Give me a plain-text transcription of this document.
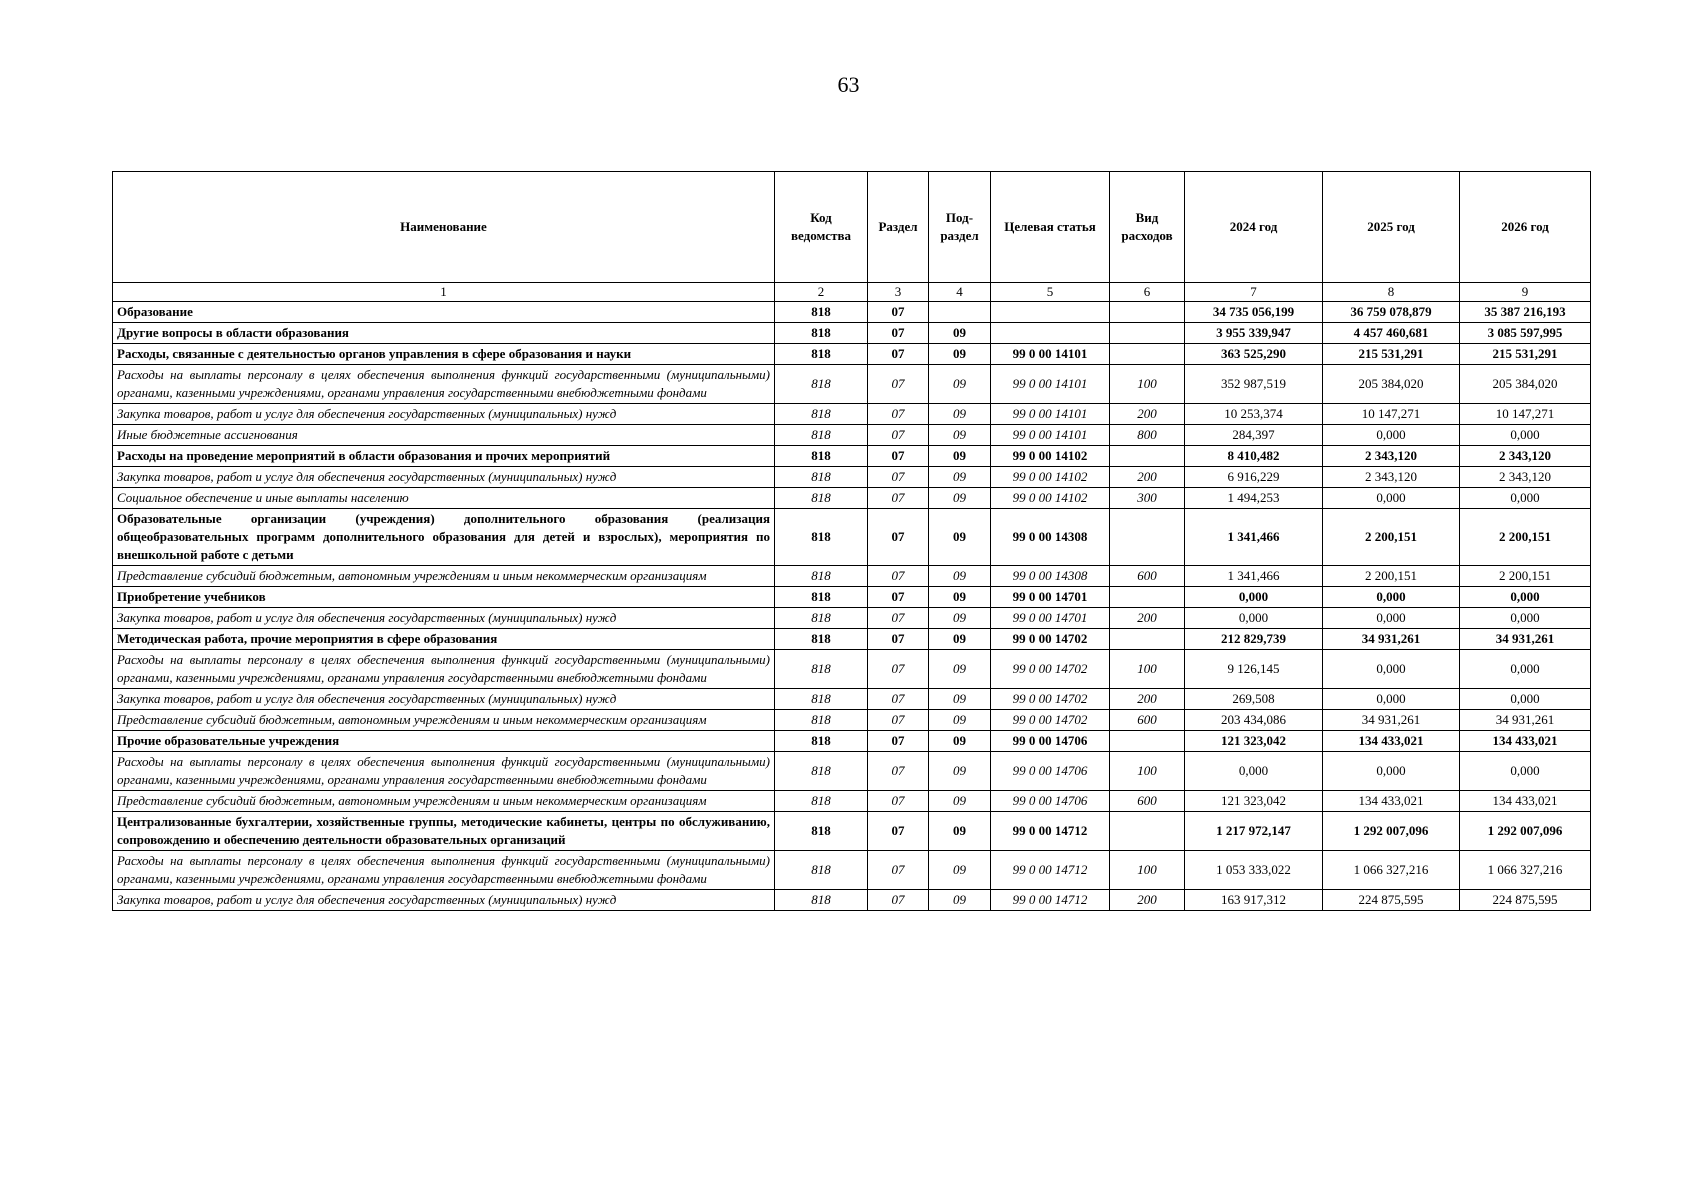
63
Наименование	Код ведомства	Раздел	Под-раздел	Целевая статья	Вид расходов	2024 год	2025 год	2026 год
1	2	3	4	5	6	7	8	9
Образование	818	07				34 735 056,199	36 759 078,879	35 387 216,193
Другие вопросы в области образования	818	07	09			3 955 339,947	4 457 460,681	3 085 597,995
Расходы, связанные с деятельностью органов управления в сфере образования и науки	818	07	09	99 0 00 14101		363 525,290	215 531,291	215 531,291
Расходы на выплаты персоналу в целях обеспечения выполнения функций государственными (муниципальными) органами, казенными учреждениями, органами управления государственными внебюджетными фондами	818	07	09	99 0 00 14101	100	352 987,519	205 384,020	205 384,020
Закупка товаров, работ и услуг для обеспечения государственных (муниципальных) нужд	818	07	09	99 0 00 14101	200	10 253,374	10 147,271	10 147,271
Иные бюджетные ассигнования	818	07	09	99 0 00 14101	800	284,397	0,000	0,000
Расходы на проведение мероприятий в области образования и прочих мероприятий	818	07	09	99 0 00 14102		8 410,482	2 343,120	2 343,120
Закупка товаров, работ и услуг для обеспечения государственных (муниципальных) нужд	818	07	09	99 0 00 14102	200	6 916,229	2 343,120	2 343,120
Социальное обеспечение и иные выплаты населению	818	07	09	99 0 00 14102	300	1 494,253	0,000	0,000
Образовательные организации (учреждения) дополнительного образования (реализация общеобразовательных программ дополнительного образования для детей и взрослых), мероприятия по внешкольной работе с детьми	818	07	09	99 0 00 14308		1 341,466	2 200,151	2 200,151
Представление субсидий бюджетным, автономным учреждениям и иным некоммерческим организациям	818	07	09	99 0 00 14308	600	1 341,466	2 200,151	2 200,151
Приобретение учебников	818	07	09	99 0 00 14701		0,000	0,000	0,000
Закупка товаров, работ и услуг для обеспечения государственных (муниципальных) нужд	818	07	09	99 0 00 14701	200	0,000	0,000	0,000
Методическая работа, прочие мероприятия в сфере образования	818	07	09	99 0 00 14702		212 829,739	34 931,261	34 931,261
Расходы на выплаты персоналу в целях обеспечения выполнения функций государственными (муниципальными) органами, казенными учреждениями, органами управления государственными внебюджетными фондами	818	07	09	99 0 00 14702	100	9 126,145	0,000	0,000
Закупка товаров, работ и услуг для обеспечения государственных (муниципальных) нужд	818	07	09	99 0 00 14702	200	269,508	0,000	0,000
Представление субсидий бюджетным, автономным учреждениям и иным некоммерческим организациям	818	07	09	99 0 00 14702	600	203 434,086	34 931,261	34 931,261
Прочие образовательные учреждения	818	07	09	99 0 00 14706		121 323,042	134 433,021	134 433,021
Расходы на выплаты персоналу в целях обеспечения выполнения функций государственными (муниципальными) органами, казенными учреждениями, органами управления государственными внебюджетными фондами	818	07	09	99 0 00 14706	100	0,000	0,000	0,000
Представление субсидий бюджетным, автономным учреждениям и иным некоммерческим организациям	818	07	09	99 0 00 14706	600	121 323,042	134 433,021	134 433,021
Централизованные бухгалтерии, хозяйственные группы, методические кабинеты, центры по обслуживанию, сопровождению и обеспечению деятельности образовательных организаций	818	07	09	99 0 00 14712		1 217 972,147	1 292 007,096	1 292 007,096
Расходы на выплаты персоналу в целях обеспечения выполнения функций государственными (муниципальными) органами, казенными учреждениями, органами управления государственными внебюджетными фондами	818	07	09	99 0 00 14712	100	1 053 333,022	1 066 327,216	1 066 327,216
Закупка товаров, работ и услуг для обеспечения государственных (муниципальных) нужд	818	07	09	99 0 00 14712	200	163 917,312	224 875,595	224 875,595
